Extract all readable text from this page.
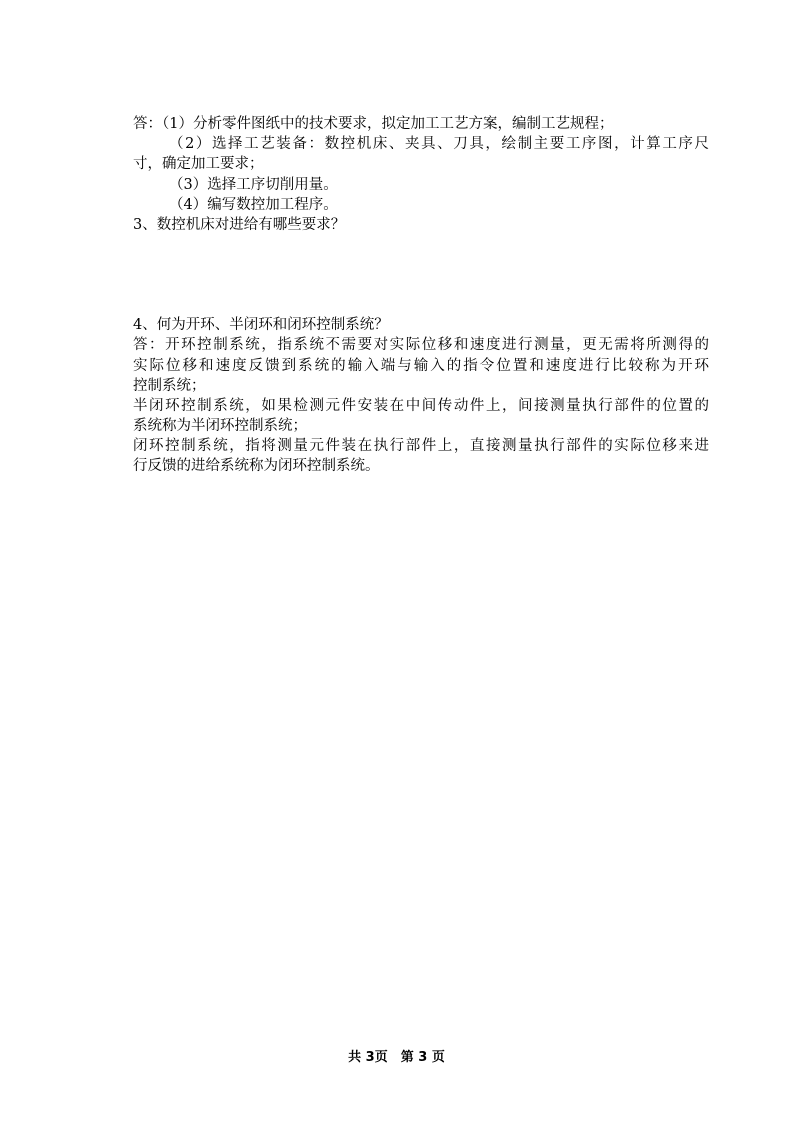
答：（1）分析零件图纸中的技术要求，拟定加工工艺方案，编制工艺规程；
（2）选择工艺装备：数控机床、夹具、刀具，绘制主要工序图，计算工序尺
寸，确定加工要求；
（3）选择工序切削用量。
（4）编写数控加工程序。
3、数控机床对进给有哪些要求？
4、何为开环、半闭环和闭环控制系统？
答：开环控制系统，指系统不需要对实际位移和速度进行测量，更无需将所测得的
实际位移和速度反馈到系统的输入端与输入的指令位置和速度进行比较称为开环
控制系统；
半闭环控制系统，如果检测元件安装在中间传动件上，间接测量执行部件的位置的
系统称为半闭环控制系统；
闭环控制系统，指将测量元件装在执行部件上，直接测量执行部件的实际位移来进
行反馈的进给系统称为闭环控制系统。
共 3页　第 3 页
